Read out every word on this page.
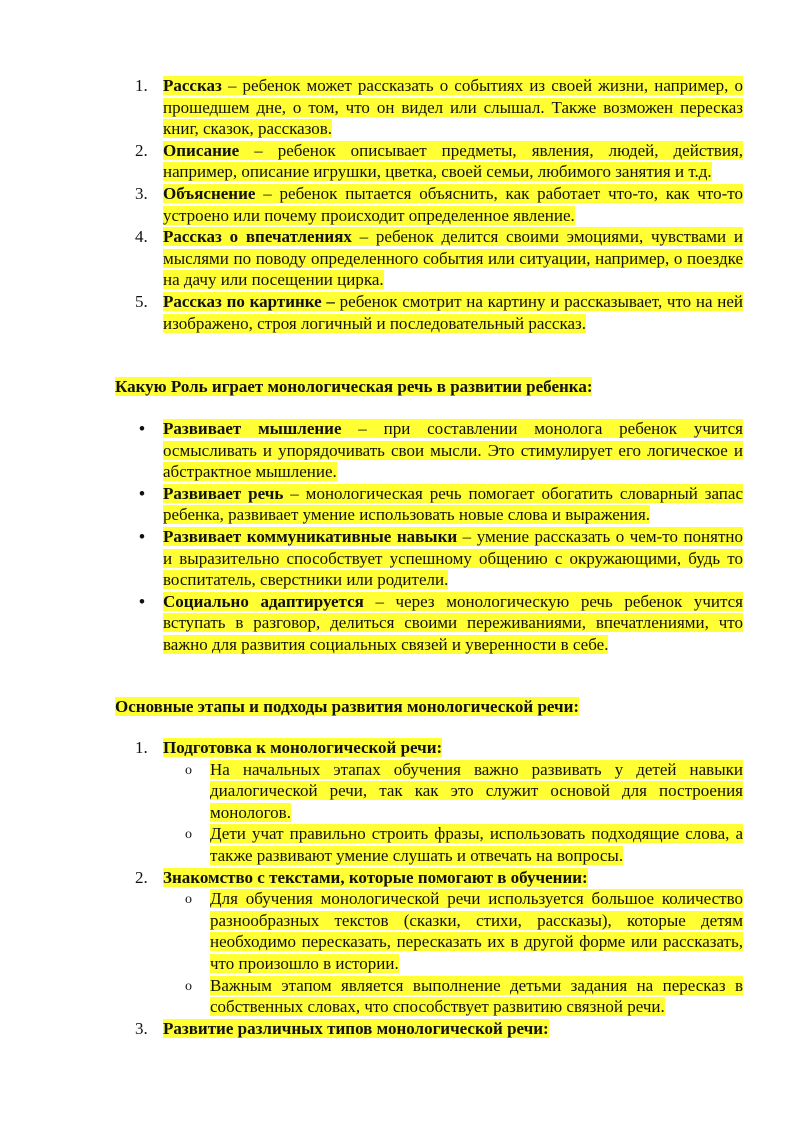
1. Рассказ – ребенок может рассказать о событиях из своей жизни, например, о прошедшем дне, о том, что он видел или слышал. Также возможен пересказ книг, сказок, рассказов.
2. Описание – ребенок описывает предметы, явления, людей, действия, например, описание игрушки, цветка, своей семьи, любимого занятия и т.д.
3. Объяснение – ребенок пытается объяснить, как работает что-то, как что-то устроено или почему происходит определенное явление.
4. Рассказ о впечатлениях – ребенок делится своими эмоциями, чувствами и мыслями по поводу определенного события или ситуации, например, о поездке на дачу или посещении цирка.
5. Рассказ по картинке – ребенок смотрит на картину и рассказывает, что на ней изображено, строя логичный и последовательный рассказ.
Какую Роль играет монологическая речь в развитии ребенка:
• Развивает мышление – при составлении монолога ребенок учится осмысливать и упорядочивать свои мысли. Это стимулирует его логическое и абстрактное мышление.
• Развивает речь – монологическая речь помогает обогатить словарный запас ребенка, развивает умение использовать новые слова и выражения.
• Развивает коммуникативные навыки – умение рассказать о чем-то понятно и выразительно способствует успешному общению с окружающими, будь то воспитатель, сверстники или родители.
• Социально адаптируется – через монологическую речь ребенок учится вступать в разговор, делиться своими переживаниями, впечатлениями, что важно для развития социальных связей и уверенности в себе.
Основные этапы и подходы развития монологической речи:
1. Подготовка к монологической речи:
o На начальных этапах обучения важно развивать у детей навыки диалогической речи, так как это служит основой для построения монологов.
o Дети учат правильно строить фразы, использовать подходящие слова, а также развивают умение слушать и отвечать на вопросы.
2. Знакомство с текстами, которые помогают в обучении:
o Для обучения монологической речи используется большое количество разнообразных текстов (сказки, стихи, рассказы), которые детям необходимо пересказать, пересказать их в другой форме или рассказать, что произошло в истории.
o Важным этапом является выполнение детьми задания на пересказ в собственных словах, что способствует развитию связной речи.
3. Развитие различных типов монологической речи:
